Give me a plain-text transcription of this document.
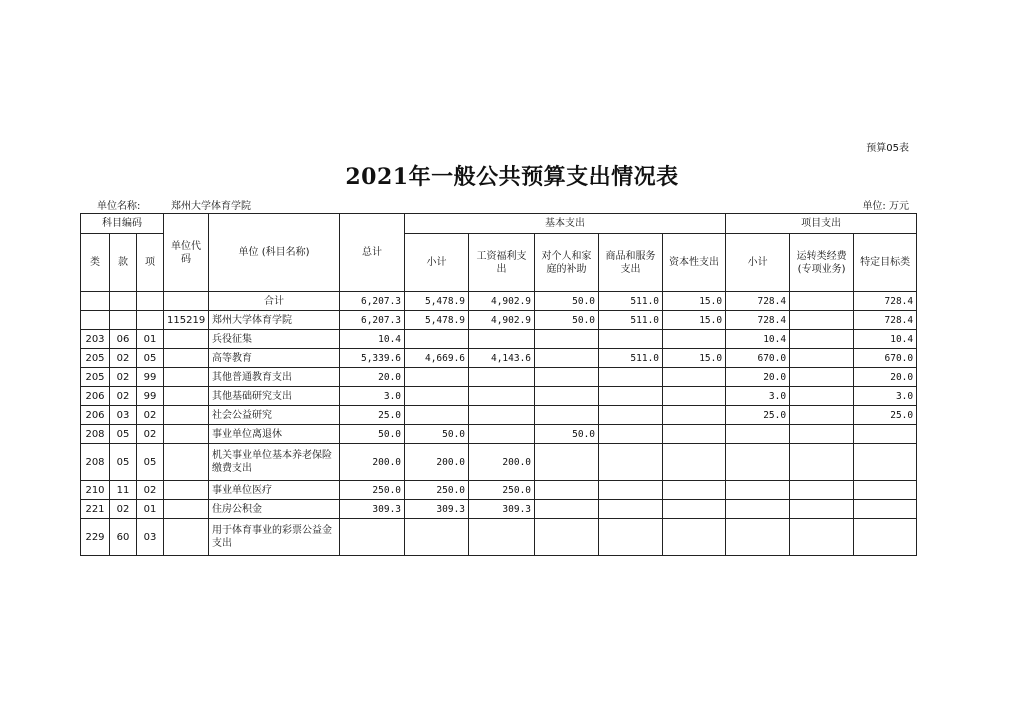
预算05表
2021年一般公共预算支出情况表
单位名称:	郑州大学体育学院	单位: 万元
科目编码			单位代码	单位 (科目名称)	总计	基本支出					项目支出		
类	款	项				小计	工资福利支出	对个人和家庭的补助	商品和服务支出	资本性支出	小计	运转类经费(专项业务)	特定目标类
				合计	6,207.3	5,478.9	4,902.9	50.0	511.0	15.0	728.4		728.4
			115219	郑州大学体育学院	6,207.3	5,478.9	4,902.9	50.0	511.0	15.0	728.4		728.4
203	06	01		兵役征集	10.4						10.4		10.4
205	02	05		高等教育	5,339.6	4,669.6	4,143.6		511.0	15.0	670.0		670.0
205	02	99		其他普通教育支出	20.0						20.0		20.0
206	02	99		其他基础研究支出	3.0						3.0		3.0
206	03	02		社会公益研究	25.0						25.0		25.0
208	05	02		事业单位离退休	50.0	50.0		50.0					
208	05	05		机关事业单位基本养老保险缴费支出	200.0	200.0	200.0						
210	11	02		事业单位医疗	250.0	250.0	250.0						
221	02	01		住房公积金	309.3	309.3	309.3						
229	60	03		用于体育事业的彩票公益金支出									
